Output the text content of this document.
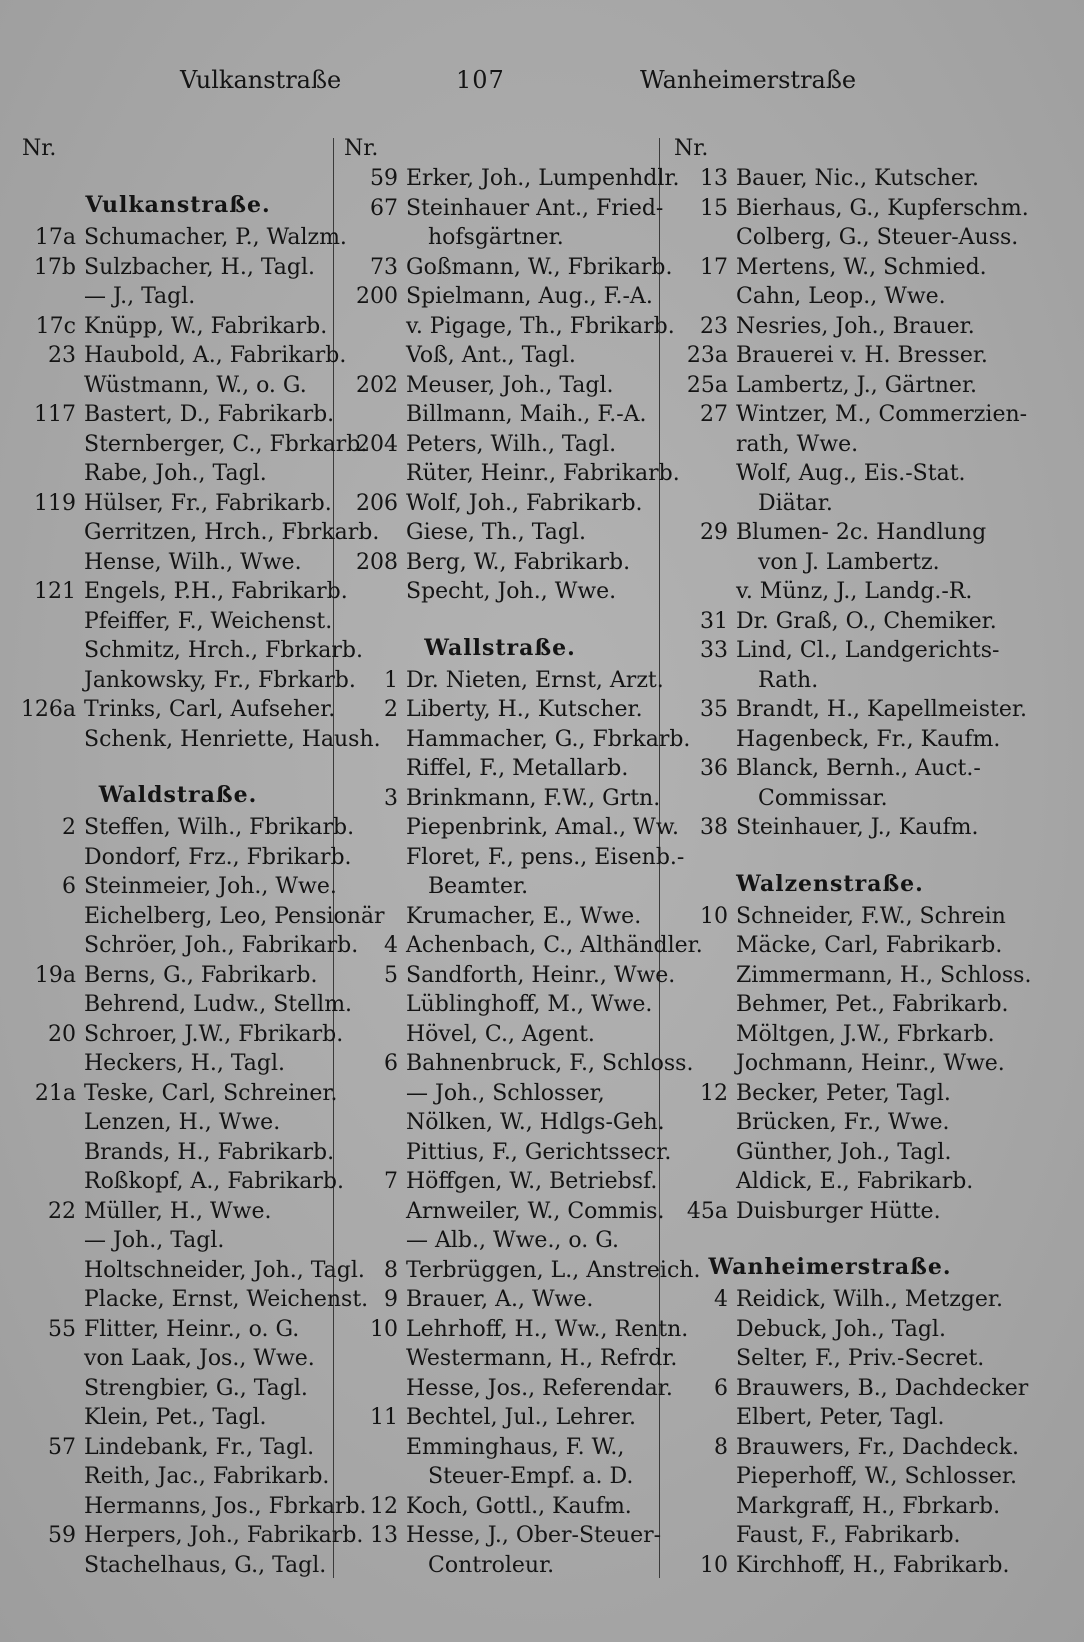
Vulkanstraße	107	Wanheimerstraße
Nr.
Vulkanstraße.
17a Schumacher, P., Walzm.
17b Sulzbacher, H., Tagl.
— J., Tagl.
17c Knüpp, W., Fabrikarb.
23 Haubold, A., Fabrikarb.
Wüstmann, W., o. G.
117 Bastert, D., Fabrikarb.
Sternberger, C., Fbrkarb.
Rabe, Joh., Tagl.
119 Hülser, Fr., Fabrikarb.
Gerritzen, Hrch., Fbrkarb.
Hense, Wilh., Wwe.
121 Engels, P.H., Fabrikarb.
Pfeiffer, F., Weichenst.
Schmitz, Hrch., Fbrkarb.
Jankowsky, Fr., Fbrkarb.
126a Trinks, Carl, Aufseher.
Schenk, Henriette, Haush.
Waldstraße.
2 Steffen, Wilh., Fbrikarb.
Dondorf, Frz., Fbrikarb.
6 Steinmeier, Joh., Wwe.
Eichelberg, Leo, Pensionär
Schröer, Joh., Fabrikarb.
19a Berns, G., Fabrikarb.
Behrend, Ludw., Stellm.
20 Schroer, J.W., Fbrikarb.
Heckers, H., Tagl.
21a Teske, Carl, Schreiner.
Lenzen, H., Wwe.
Brands, H., Fabrikarb.
Roßkopf, A., Fabrikarb.
22 Müller, H., Wwe.
— Joh., Tagl.
Holtschneider, Joh., Tagl.
Placke, Ernst, Weichenst.
55 Flitter, Heinr., o. G.
von Laak, Jos., Wwe.
Strengbier, G., Tagl.
Klein, Pet., Tagl.
57 Lindebank, Fr., Tagl.
Reith, Jac., Fabrikarb.
Hermanns, Jos., Fbrkarb.
59 Herpers, Joh., Fabrikarb.
Stachelhaus, G., Tagl.
Nr.
59 Erker, Joh., Lumpenhdlr.
67 Steinhauer Ant., Fried-
hofsgärtner.
73 Goßmann, W., Fbrikarb.
200 Spielmann, Aug., F.-A.
v. Pigage, Th., Fbrikarb.
Voß, Ant., Tagl.
202 Meuser, Joh., Tagl.
Billmann, Maih., F.-A.
204 Peters, Wilh., Tagl.
Rüter, Heinr., Fabrikarb.
206 Wolf, Joh., Fabrikarb.
Giese, Th., Tagl.
208 Berg, W., Fabrikarb.
Specht, Joh., Wwe.
Wallstraße.
1 Dr. Nieten, Ernst, Arzt.
2 Liberty, H., Kutscher.
Hammacher, G., Fbrkarb.
Riffel, F., Metallarb.
3 Brinkmann, F.W., Grtn.
Piepenbrink, Amal., Ww.
Floret, F., pens., Eisenb.-
Beamter.
Krumacher, E., Wwe.
4 Achenbach, C., Althändler.
5 Sandforth, Heinr., Wwe.
Lüblinghoff, M., Wwe.
Hövel, C., Agent.
6 Bahnenbruck, F., Schloss.
— Joh., Schlosser,
Nölken, W., Hdlgs-Geh.
Pittius, F., Gerichtssecr.
7 Höffgen, W., Betriebsf.
Arnweiler, W., Commis.
— Alb., Wwe., o. G.
8 Terbrüggen, L., Anstreich.
9 Brauer, A., Wwe.
10 Lehrhoff, H., Ww., Rentn.
Westermann, H., Refrdr.
Hesse, Jos., Referendar.
11 Bechtel, Jul., Lehrer.
Emminghaus, F. W.,
Steuer-Empf. a. D.
12 Koch, Gottl., Kaufm.
13 Hesse, J., Ober-Steuer-
Controleur.
Nr.
13 Bauer, Nic., Kutscher.
15 Bierhaus, G., Kupferschm.
Colberg, G., Steuer-Auss.
17 Mertens, W., Schmied.
Cahn, Leop., Wwe.
23 Nesries, Joh., Brauer.
23a Brauerei v. H. Bresser.
25a Lambertz, J., Gärtner.
27 Wintzer, M., Commerzien-
rath, Wwe.
Wolf, Aug., Eis.-Stat.
Diätar.
29 Blumen- 2c. Handlung
von J. Lambertz.
v. Münz, J., Landg.-R.
31 Dr. Graß, O., Chemiker.
33 Lind, Cl., Landgerichts-
Rath.
35 Brandt, H., Kapellmeister.
Hagenbeck, Fr., Kaufm.
36 Blanck, Bernh., Auct.-
Commissar.
38 Steinhauer, J., Kaufm.
Walzenstraße.
10 Schneider, F.W., Schrein
Mäcke, Carl, Fabrikarb.
Zimmermann, H., Schloss.
Behmer, Pet., Fabrikarb.
Möltgen, J.W., Fbrkarb.
Jochmann, Heinr., Wwe.
12 Becker, Peter, Tagl.
Brücken, Fr., Wwe.
Günther, Joh., Tagl.
Aldick, E., Fabrikarb.
45a Duisburger Hütte.
Wanheimerstraße.
4 Reidick, Wilh., Metzger.
Debuck, Joh., Tagl.
Selter, F., Priv.-Secret.
6 Brauwers, B., Dachdecker
Elbert, Peter, Tagl.
8 Brauwers, Fr., Dachdeck.
Pieperhoff, W., Schlosser.
Markgraff, H., Fbrkarb.
Faust, F., Fabrikarb.
10 Kirchhoff, H., Fabrikarb.
